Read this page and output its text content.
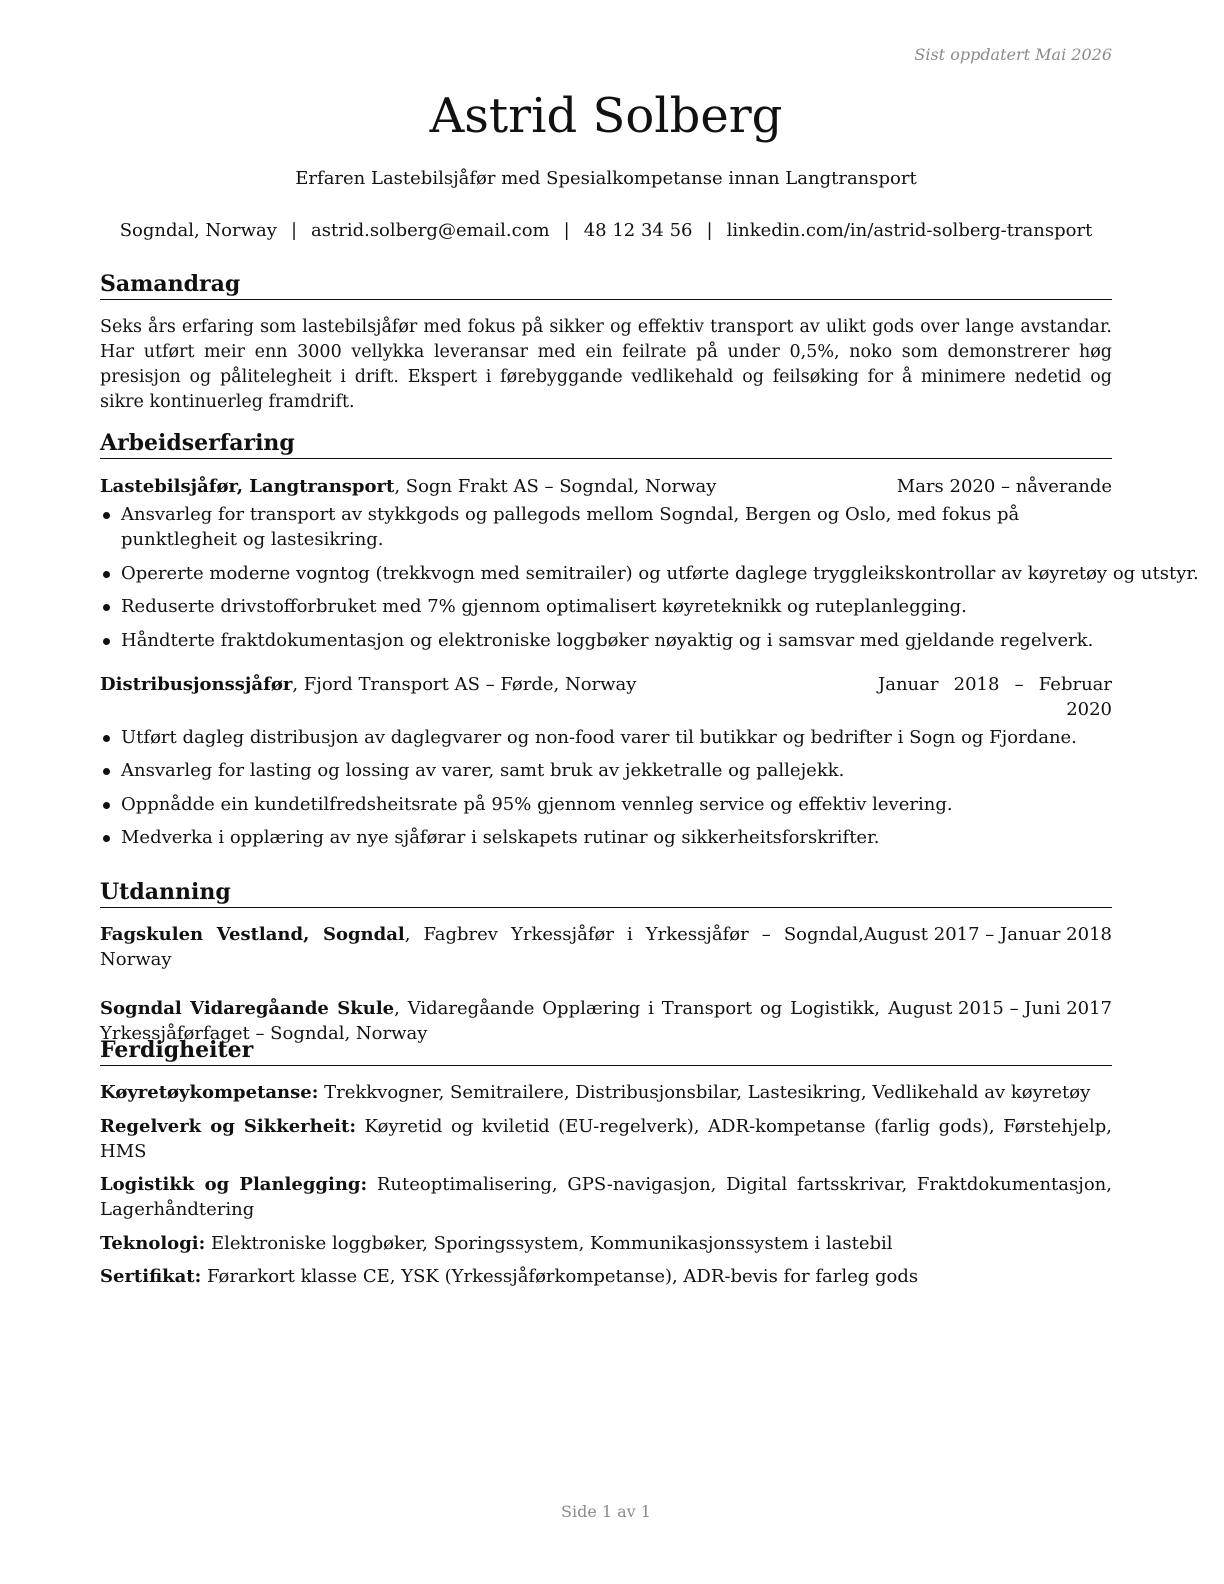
Sist oppdatert Mai 2026
Astrid Solberg
Erfaren Lastebilsjåfør med Spesialkompetanse innan Langtransport
Sogndal, Norway | astrid.solberg@email.com | 48 12 34 56 | linkedin.com/in/astrid-solberg-transport
Samandrag
Seks års erfaring som lastebilsjåfør med fokus på sikker og effektiv transport av ulikt gods over lange avstandar. Har utført meir enn 3000 vellykka leveransar med ein feilrate på under 0,5%, noko som demonstrerer høg presisjon og pålitelegheit i drift. Ekspert i førebyggande vedlikehald og feilsøking for å minimere nedetid og sikre kontinuerleg framdrift.
Arbeidserfaring
Lastebilsjåfør, Langtransport, Sogn Frakt AS – Sogndal, Norway	Mars 2020 – nåverande
Ansvarleg for transport av stykkgods og pallegods mellom Sogndal, Bergen og Oslo, med fokus på punktlegheit og lastesikring.
Opererte moderne vogntog (trekkvogn med semitrailer) og utførte daglege tryggleikskontrollar av køyretøy og utstyr.
Reduserte drivstofforbruket med 7% gjennom optimalisert køyreteknikk og ruteplanlegging.
Håndterte fraktdokumentasjon og elektroniske loggbøker nøyaktig og i samsvar med gjeldande regelverk.
Distribusjonssjåfør, Fjord Transport AS – Førde, Norway	Januar 2018 – Februar 2020
Utført dagleg distribusjon av daglegvarer og non-food varer til butikkar og bedrifter i Sogn og Fjordane.
Ansvarleg for lasting og lossing av varer, samt bruk av jekketralle og pallejekk.
Oppnådde ein kundetilfredsheitsrate på 95% gjennom vennleg service og effektiv levering.
Medverka i opplæring av nye sjåførar i selskapets rutinar og sikkerheitsforskrifter.
Utdanning
Fagskulen Vestland, Sogndal, Fagbrev Yrkessjåfør i Yrkessjåfør – Sogndal, Norway
August 2017 – Januar 2018
Sogndal Vidaregåande Skule, Vidaregåande Opplæring i Transport og Logistikk, Yrkessjåførfaget – Sogndal, Norway
August 2015 – Juni 2017
Ferdigheiter
Køyretøykompetanse: Trekkvogner, Semitrailere, Distribusjonsbilar, Lastesikring, Vedlikehald av køyretøy
Regelverk og Sikkerheit: Køyretid og kviletid (EU-regelverk), ADR-kompetanse (farlig gods), Førstehjelp, HMS
Logistikk og Planlegging: Ruteoptimalisering, GPS-navigasjon, Digital fartsskrivar, Fraktdokumentasjon, Lagerhåndtering
Teknologi: Elektroniske loggbøker, Sporingssystem, Kommunikasjonssystem i lastebil
Sertifikat: Førarkort klasse CE, YSK (Yrkessjåførkompetanse), ADR-bevis for farleg gods
Side 1 av 1
